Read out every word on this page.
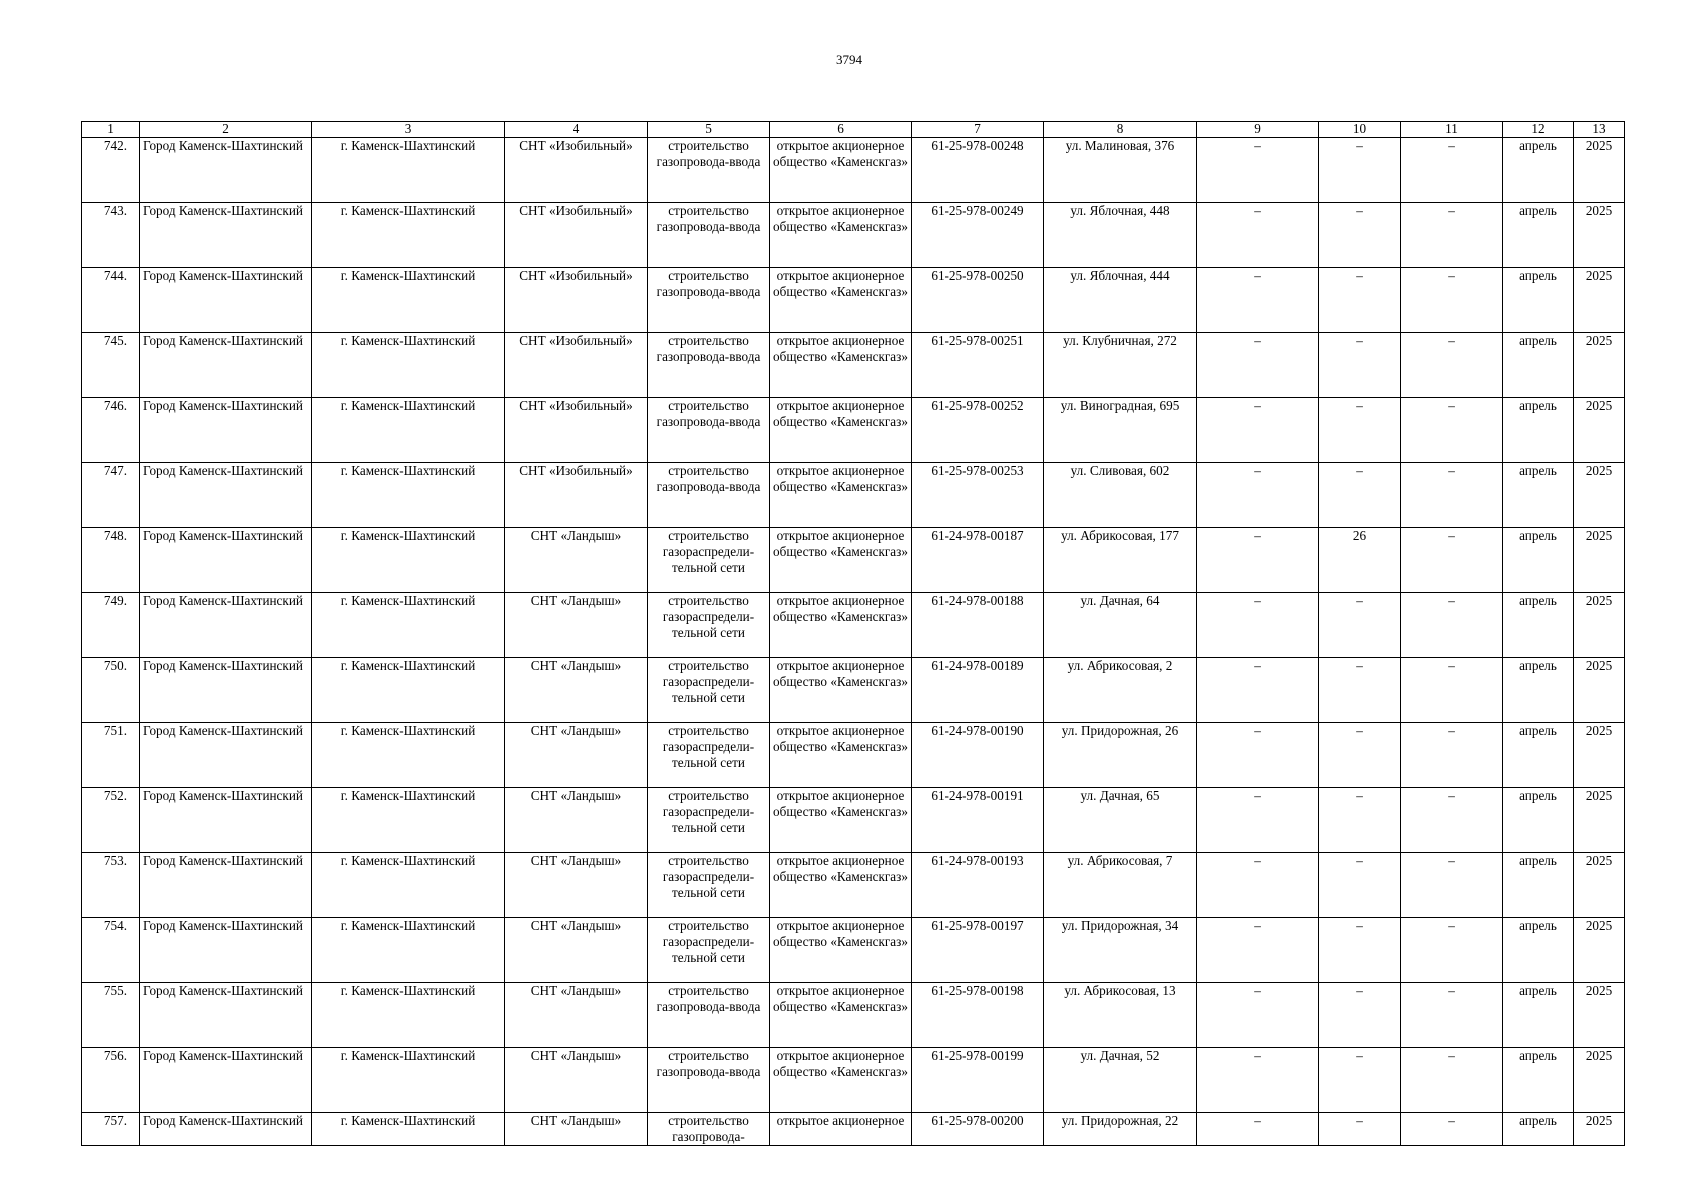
3794
1	2	3	4	5	6	7	8	9	10	11	12	13
742.	Город Каменск-Шахтинский	г. Каменск-Шахтинский	СНТ «Изобильный»	строительство газопровода-ввода	открытое акционерное общество «Каменскгаз»	61-25-978-00248	ул. Малиновая, 376	–	–	–	апрель	2025
743.	Город Каменск-Шахтинский	г. Каменск-Шахтинский	СНТ «Изобильный»	строительство газопровода-ввода	открытое акционерное общество «Каменскгаз»	61-25-978-00249	ул. Яблочная, 448	–	–	–	апрель	2025
744.	Город Каменск-Шахтинский	г. Каменск-Шахтинский	СНТ «Изобильный»	строительство газопровода-ввода	открытое акционерное общество «Каменскгаз»	61-25-978-00250	ул. Яблочная, 444	–	–	–	апрель	2025
745.	Город Каменск-Шахтинский	г. Каменск-Шахтинский	СНТ «Изобильный»	строительство газопровода-ввода	открытое акционерное общество «Каменскгаз»	61-25-978-00251	ул. Клубничная, 272	–	–	–	апрель	2025
746.	Город Каменск-Шахтинский	г. Каменск-Шахтинский	СНТ «Изобильный»	строительство газопровода-ввода	открытое акционерное общество «Каменскгаз»	61-25-978-00252	ул. Виноградная, 695	–	–	–	апрель	2025
747.	Город Каменск-Шахтинский	г. Каменск-Шахтинский	СНТ «Изобильный»	строительство газопровода-ввода	открытое акционерное общество «Каменскгаз»	61-25-978-00253	ул. Сливовая, 602	–	–	–	апрель	2025
748.	Город Каменск-Шахтинский	г. Каменск-Шахтинский	СНТ «Ландыш»	строительство газораспредели-тельной сети	открытое акционерное общество «Каменскгаз»	61-24-978-00187	ул. Абрикосовая, 177	–	26	–	апрель	2025
749.	Город Каменск-Шахтинский	г. Каменск-Шахтинский	СНТ «Ландыш»	строительство газораспредели-тельной сети	открытое акционерное общество «Каменскгаз»	61-24-978-00188	ул. Дачная, 64	–	–	–	апрель	2025
750.	Город Каменск-Шахтинский	г. Каменск-Шахтинский	СНТ «Ландыш»	строительство газораспредели-тельной сети	открытое акционерное общество «Каменскгаз»	61-24-978-00189	ул. Абрикосовая, 2	–	–	–	апрель	2025
751.	Город Каменск-Шахтинский	г. Каменск-Шахтинский	СНТ «Ландыш»	строительство газораспредели-тельной сети	открытое акционерное общество «Каменскгаз»	61-24-978-00190	ул. Придорожная, 26	–	–	–	апрель	2025
752.	Город Каменск-Шахтинский	г. Каменск-Шахтинский	СНТ «Ландыш»	строительство газораспредели-тельной сети	открытое акционерное общество «Каменскгаз»	61-24-978-00191	ул. Дачная, 65	–	–	–	апрель	2025
753.	Город Каменск-Шахтинский	г. Каменск-Шахтинский	СНТ «Ландыш»	строительство газораспредели-тельной сети	открытое акционерное общество «Каменскгаз»	61-24-978-00193	ул. Абрикосовая, 7	–	–	–	апрель	2025
754.	Город Каменск-Шахтинский	г. Каменск-Шахтинский	СНТ «Ландыш»	строительство газораспредели-тельной сети	открытое акционерное общество «Каменскгаз»	61-25-978-00197	ул. Придорожная, 34	–	–	–	апрель	2025
755.	Город Каменск-Шахтинский	г. Каменск-Шахтинский	СНТ «Ландыш»	строительство газопровода-ввода	открытое акционерное общество «Каменскгаз»	61-25-978-00198	ул. Абрикосовая, 13	–	–	–	апрель	2025
756.	Город Каменск-Шахтинский	г. Каменск-Шахтинский	СНТ «Ландыш»	строительство газопровода-ввода	открытое акционерное общество «Каменскгаз»	61-25-978-00199	ул. Дачная, 52	–	–	–	апрель	2025
757.	Город Каменск-Шахтинский	г. Каменск-Шахтинский	СНТ «Ландыш»	строительство газопровода-	открытое акционерное	61-25-978-00200	ул. Придорожная, 22	–	–	–	апрель	2025
